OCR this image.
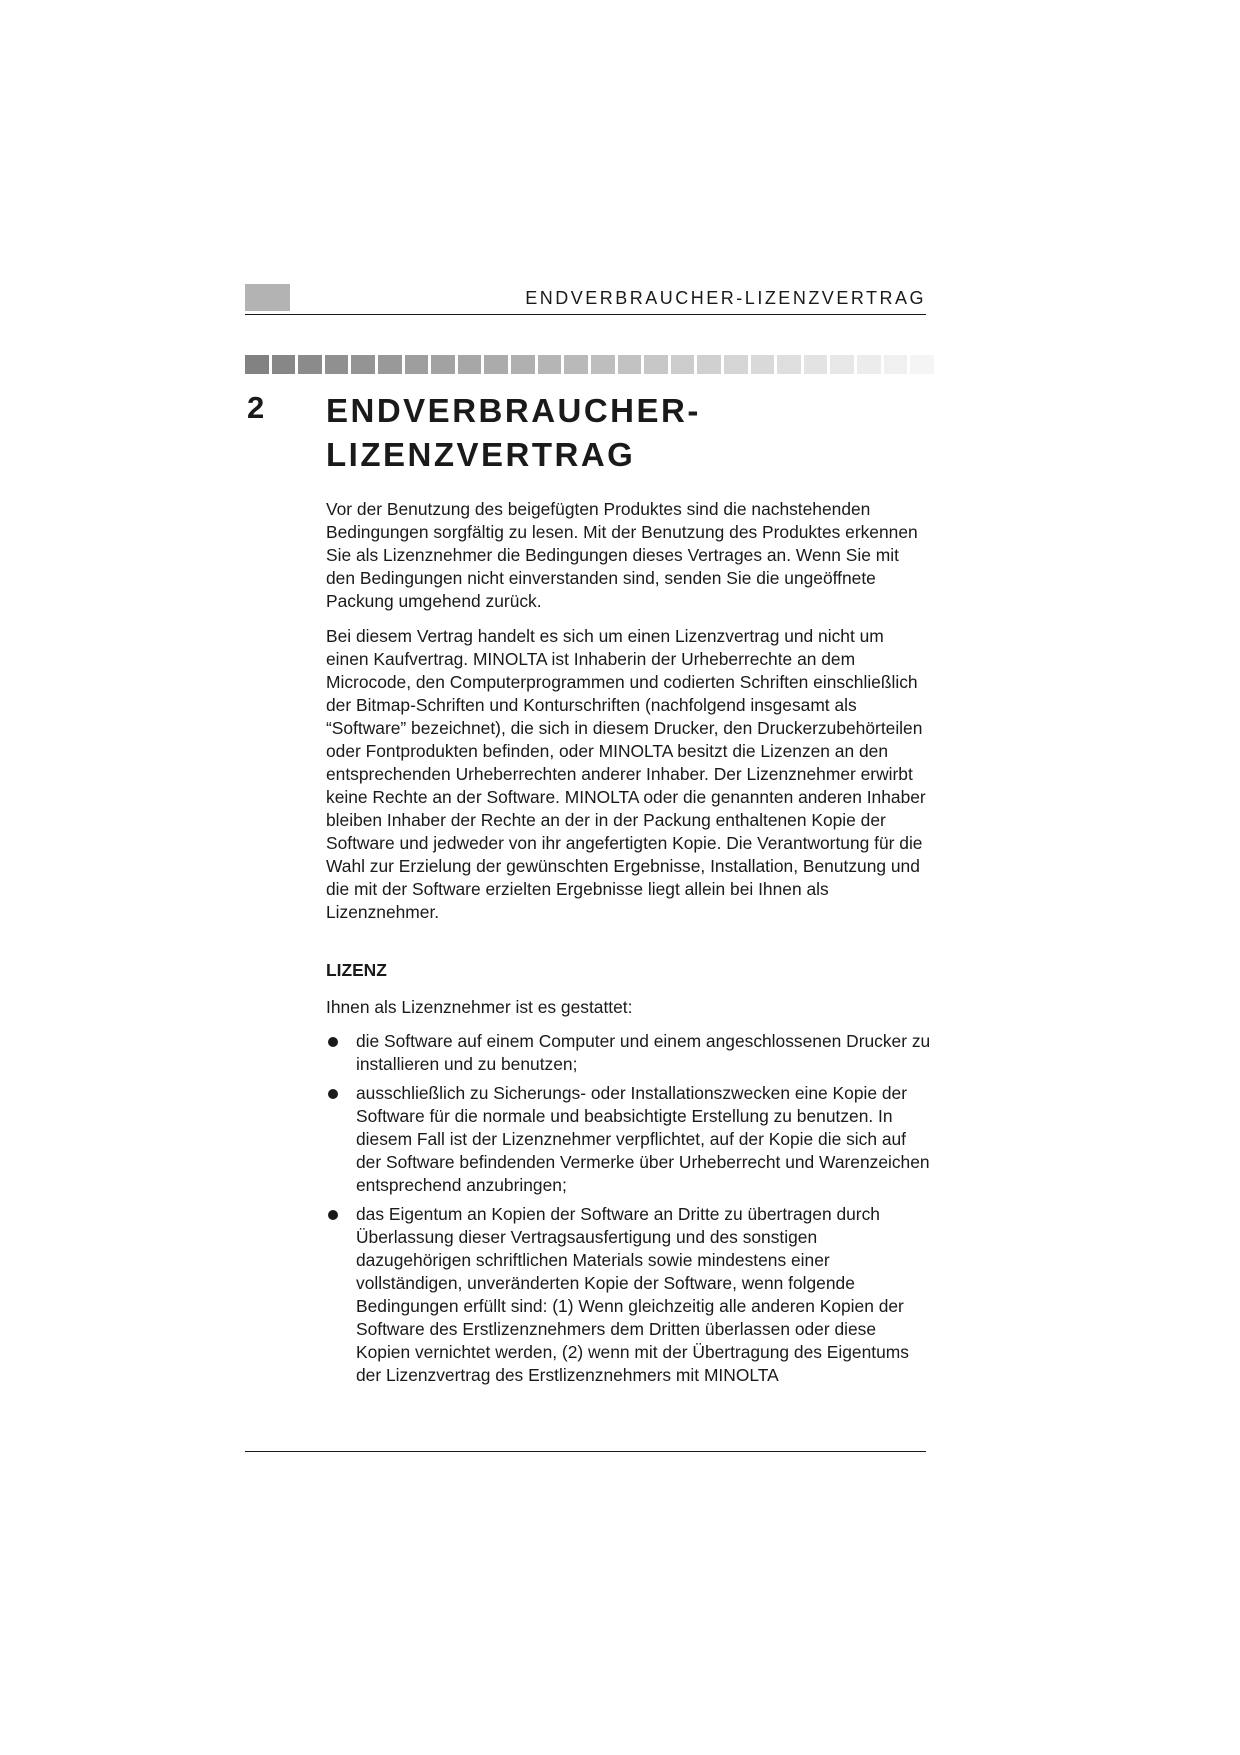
ENDVERBRAUCHER-LIZENZVERTRAG
2 ENDVERBRAUCHER-
LIZENZVERTRAG

Vor der Benutzung des beigefügten Produktes sind die nachstehenden Bedingungen sorgfältig zu lesen. Mit der Benutzung des Produktes erkennen Sie als Lizenznehmer die Bedingungen dieses Vertrages an. Wenn Sie mit den Bedingungen nicht einverstanden sind, senden Sie die ungeöffnete Packung umgehend zurück.

Bei diesem Vertrag handelt es sich um einen Lizenzvertrag und nicht um einen Kaufvertrag. MINOLTA ist Inhaberin der Urheberrechte an dem Microcode, den Computerprogrammen und codierten Schriften einschließlich der Bitmap-Schriften und Konturschriften (nachfolgend insgesamt als “Software” bezeichnet), die sich in diesem Drucker, den Druckerzubehörteilen oder Fontprodukten befinden, oder MINOLTA besitzt die Lizenzen an den entsprechenden Urheberrechten anderer Inhaber. Der Lizenznehmer erwirbt keine Rechte an der Software. MINOLTA oder die genannten anderen Inhaber bleiben Inhaber der Rechte an der in der Packung enthaltenen Kopie der Software und jedweder von ihr angefertigten Kopie. Die Verantwortung für die Wahl zur Erzielung der gewünschten Ergebnisse, Installation, Benutzung und die mit der Software erzielten Ergebnisse liegt allein bei Ihnen als Lizenznehmer.

LIZENZ

Ihnen als Lizenznehmer ist es gestattet:

die Software auf einem Computer und einem angeschlossenen Drucker zu installieren und zu benutzen;
ausschließlich zu Sicherungs- oder Installationszwecken eine Kopie der Software für die normale und beabsichtigte Erstellung zu benutzen. In diesem Fall ist der Lizenznehmer verpflichtet, auf der Kopie die sich auf der Software befindenden Vermerke über Urheberrecht und Warenzeichen entsprechend anzubringen;
das Eigentum an Kopien der Software an Dritte zu übertragen durch Überlassung dieser Vertragsausfertigung und des sonstigen dazugehörigen schriftlichen Materials sowie mindestens einer vollständigen, unveränderten Kopie der Software, wenn folgende Bedingungen erfüllt sind: (1) Wenn gleichzeitig alle anderen Kopien der Software des Erstlizenznehmers dem Dritten überlassen oder diese Kopien vernichtet werden, (2) wenn mit der Übertragung des Eigentums der Lizenzvertrag des Erstlizenznehmers mit MINOLTA
